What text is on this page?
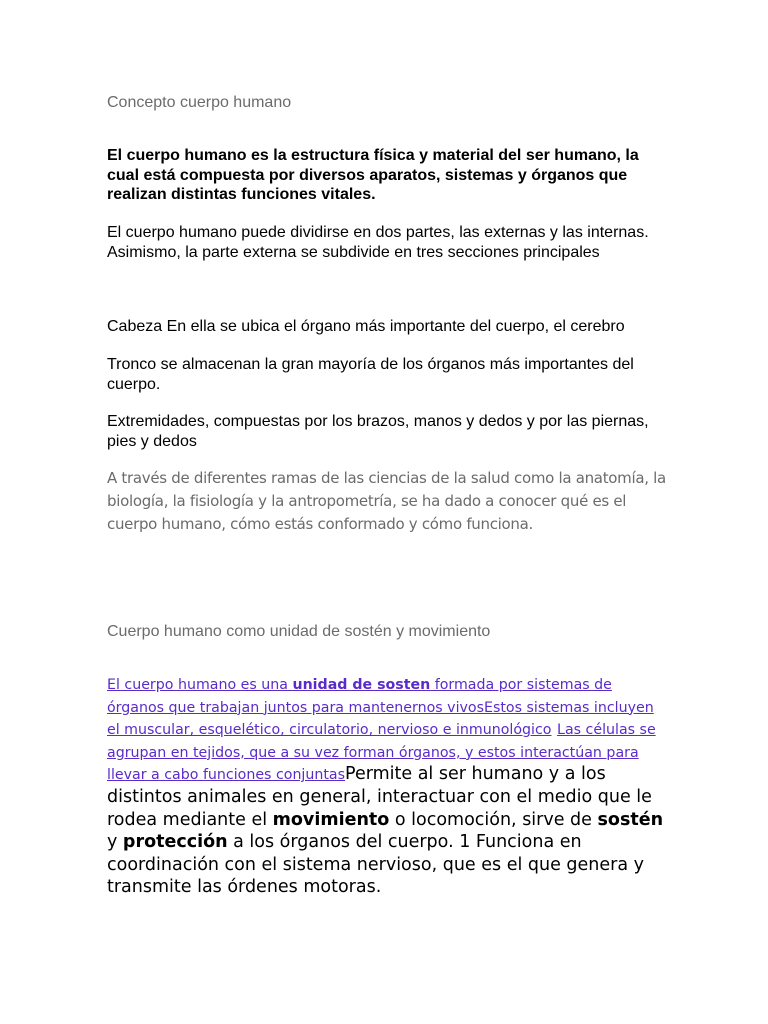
Concepto cuerpo humano

El cuerpo humano es la estructura física y material del ser humano, la cual está compuesta por diversos aparatos, sistemas y órganos que realizan distintas funciones vitales.

El cuerpo humano puede dividirse en dos partes, las externas y las internas. Asimismo, la parte externa se subdivide en tres secciones principales

Cabeza En ella se ubica el órgano más importante del cuerpo, el cerebro

Tronco se almacenan la gran mayoría de los órganos más importantes del cuerpo.

Extremidades, compuestas por los brazos, manos y dedos y por las piernas, pies y dedos

A través de diferentes ramas de las ciencias de la salud como la anatomía, la biología, la fisiología y la antropometría, se ha dado a conocer qué es el cuerpo humano, cómo estás conformado y cómo funciona.

Cuerpo humano como unidad de sostén y movimiento

El cuerpo humano es una unidad de sosten formada por sistemas de órganos que trabajan juntos para mantenernos vivosEstos sistemas incluyen el muscular, esquelético, circulatorio, nervioso e inmunológico Las células se agrupan en tejidos, que a su vez forman órganos, y estos interactúan para llevar a cabo funciones conjuntasPermite al ser humano y a los distintos animales en general, interactuar con el medio que le rodea mediante el movimiento o locomoción, sirve de sostén y protección a los órganos del cuerpo. 1 Funciona en coordinación con el sistema nervioso, que es el que genera y transmite las órdenes motoras.
